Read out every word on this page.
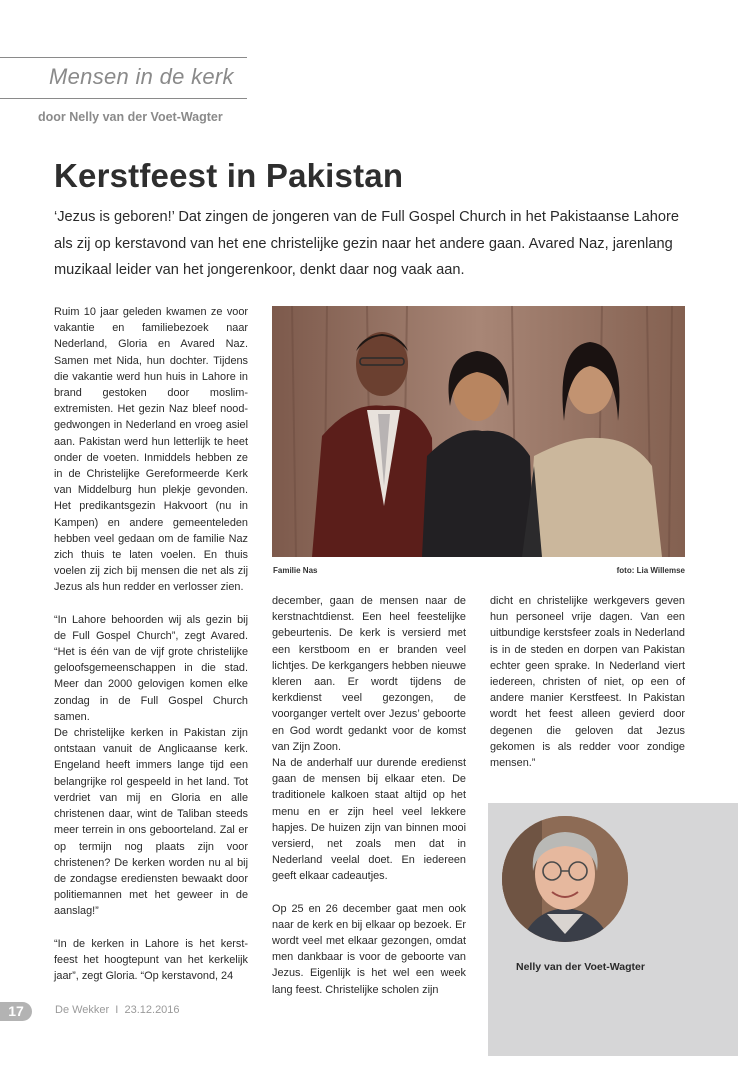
Mensen in de kerk
door Nelly van der Voet-Wagter
Kerstfeest in Pakistan
‘Jezus is geboren!’ Dat zingen de jongeren van de Full Gospel Church in het Pakistaanse Lahore als zij op kerstavond van het ene christelijke gezin naar het andere gaan. Avared Naz, jarenlang muzikaal leider van het jongerenkoor, denkt daar nog vaak aan.

Ruim 10 jaar geleden kwamen ze voor vakantie en familiebezoek naar Nederland, Gloria en Avared Naz. Samen met Nida, hun dochter. Tijdens die vakantie werd hun huis in Lahore in brand gestoken door moslim-extremisten. Het gezin Naz bleef nood-gedwongen in Nederland en vroeg asiel aan. Pakistan werd hun letterlijk te heet onder de voeten. Inmiddels hebben ze in de Christelijke Gereformeerde Kerk van Middelburg hun plekje gevonden. Het predikantsgezin Hakvoort (nu in Kampen) en andere gemeenteleden hebben veel gedaan om de familie Naz zich thuis te laten voelen. En thuis voelen zij zich bij mensen die net als zij Jezus als hun redder en verlosser zien.

“In Lahore behoorden wij als gezin bij de Full Gospel Church”, zegt Avared. “Het is één van de vijf grote christelijke geloofsgemeenschappen in die stad. Meer dan 2000 gelovigen komen elke zondag in de Full Gospel Church samen.
De christelijke kerken in Pakistan zijn ontstaan vanuit de Anglicaanse kerk. Engeland heeft immers lange tijd een belangrijke rol gespeeld in het land. Tot verdriet van mij en Gloria en alle christenen daar, wint de Taliban steeds meer terrein in ons geboorteland. Zal er op termijn nog plaats zijn voor christenen? De kerken worden nu al bij de zondagse erediensten bewaakt door politiemannen met het geweer in de aanslag!”

“In de kerken in Lahore is het kerst-feest het hoogtepunt van het kerkelijk jaar”, zegt Gloria. “Op kerstavond, 24

Familie Nas	foto: Lia Willemse

december, gaan de mensen naar de kerstnachtdienst. Een heel feestelijke gebeurtenis. De kerk is versierd met een kerstboom en er branden veel lichtjes. De kerkgangers hebben nieuwe kleren aan. Er wordt tijdens de kerkdienst veel gezongen, de voorganger vertelt over Jezus’ geboorte en God wordt gedankt voor de komst van Zijn Zoon.
Na de anderhalf uur durende eredienst gaan de mensen bij elkaar eten. De traditionele kalkoen staat altijd op het menu en er zijn heel veel lekkere hapjes. De huizen zijn van binnen mooi versierd, net zoals men dat in Nederland veelal doet. En iedereen geeft elkaar cadeautjes.

Op 25 en 26 december gaat men ook naar de kerk en bij elkaar op bezoek. Er wordt veel met elkaar gezongen, omdat men dankbaar is voor de geboorte van Jezus. Eigenlijk is het wel een week lang feest. Christelijke scholen zijn

dicht en christelijke werkgevers geven hun personeel vrije dagen. Van een uitbundige kerstsfeer zoals in Nederland is in de steden en dorpen van Pakistan echter geen sprake. In Nederland viert iedereen, christen of niet, op een of andere manier Kerstfeest. In Pakistan wordt het feest alleen gevierd door degenen die geloven dat Jezus gekomen is als redder voor zondige mensen.”

Nelly van der Voet-Wagter
17	De Wekker  I  23.12.2016
